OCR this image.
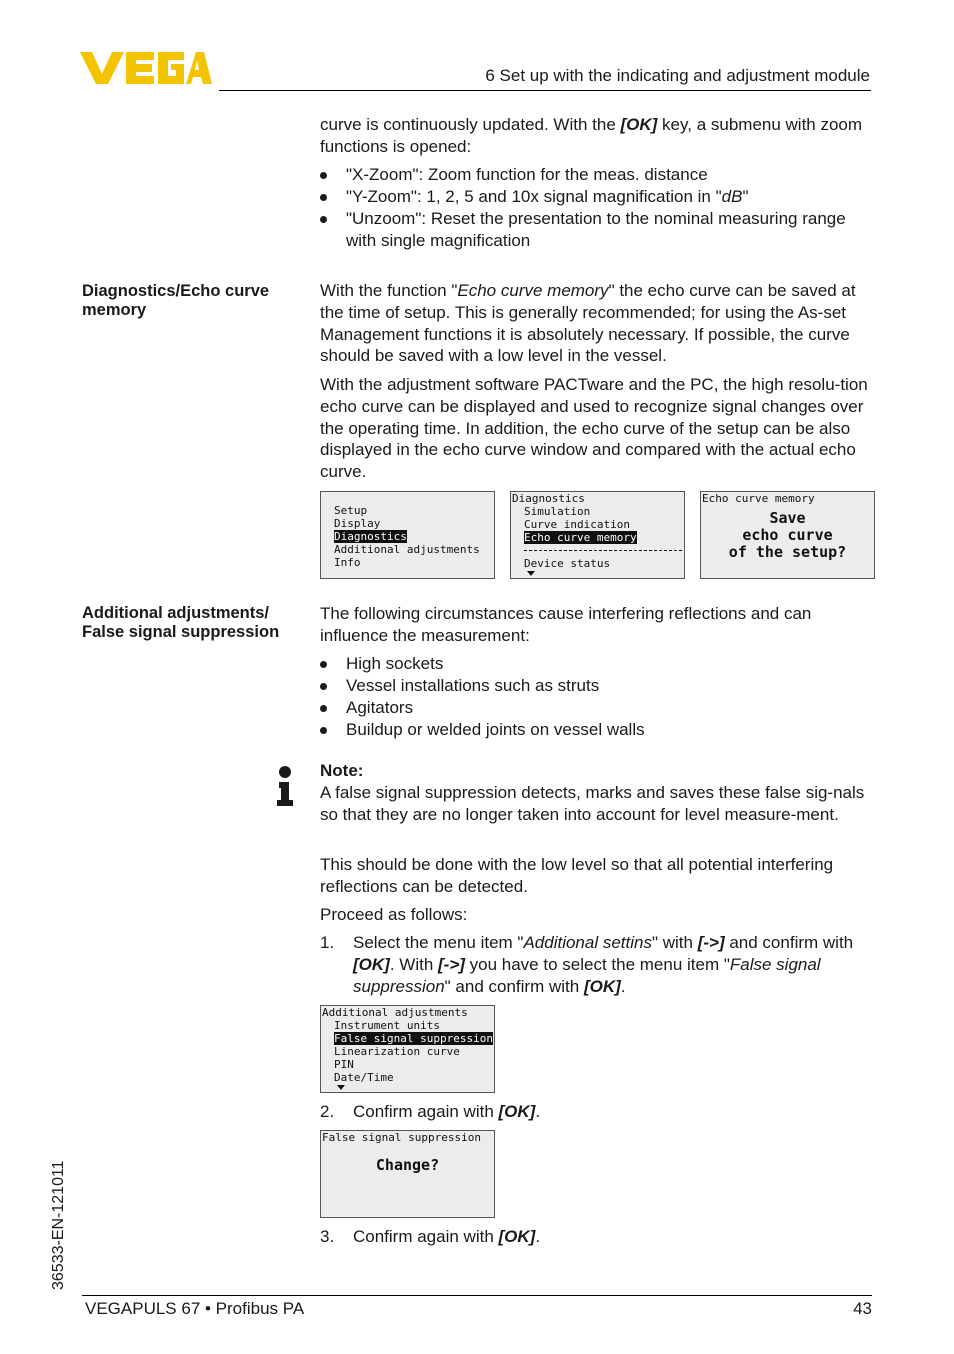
6 Set up with the indicating and adjustment module
curve is continuously updated. With the [OK] key, a submenu with zoom functions is opened:
"X-Zoom": Zoom function for the meas. distance
"Y-Zoom": 1, 2, 5 and 10x signal magnification in "dB"
"Unzoom": Reset the presentation to the nominal measuring range with single magnification
Diagnostics/Echo curve memory
With the function "Echo curve memory" the echo curve can be saved at the time of setup. This is generally recommended; for using the As-set Management functions it is absolutely necessary. If possible, the curve should be saved with a low level in the vessel.
With the adjustment software PACTware and the PC, the high resolu-tion echo curve can be displayed and used to recognize signal changes over the operating time. In addition, the echo curve of the setup can be also displayed in the echo curve window and compared with the actual echo curve.
Setup
Display
Diagnostics
Additional adjustments
Info
Diagnostics
Simulation
Curve indication
Echo curve memory
Device status
Echo curve memory
Save
echo curve
of the setup?
Additional adjustments/
False signal suppression
The following circumstances cause interfering reflections and can influence the measurement:
High sockets
Vessel installations such as struts
Agitators
Buildup or welded joints on vessel walls
Note:
A false signal suppression detects, marks and saves these false sig-nals so that they are no longer taken into account for level measure-ment.
This should be done with the low level so that all potential interfering reflections can be detected.
Proceed as follows:
1. Select the menu item "Additional settins" with [->] and confirm with [OK]. With [->] you have to select the menu item "False signal suppression" and confirm with [OK].
Additional adjustments
Instrument units
False signal suppression
Linearization curve
PIN
Date/Time
2. Confirm again with [OK].
False signal suppression
Change?
3. Confirm again with [OK].
36533-EN-121011
VEGAPULS 67 • Profibus PA	43
